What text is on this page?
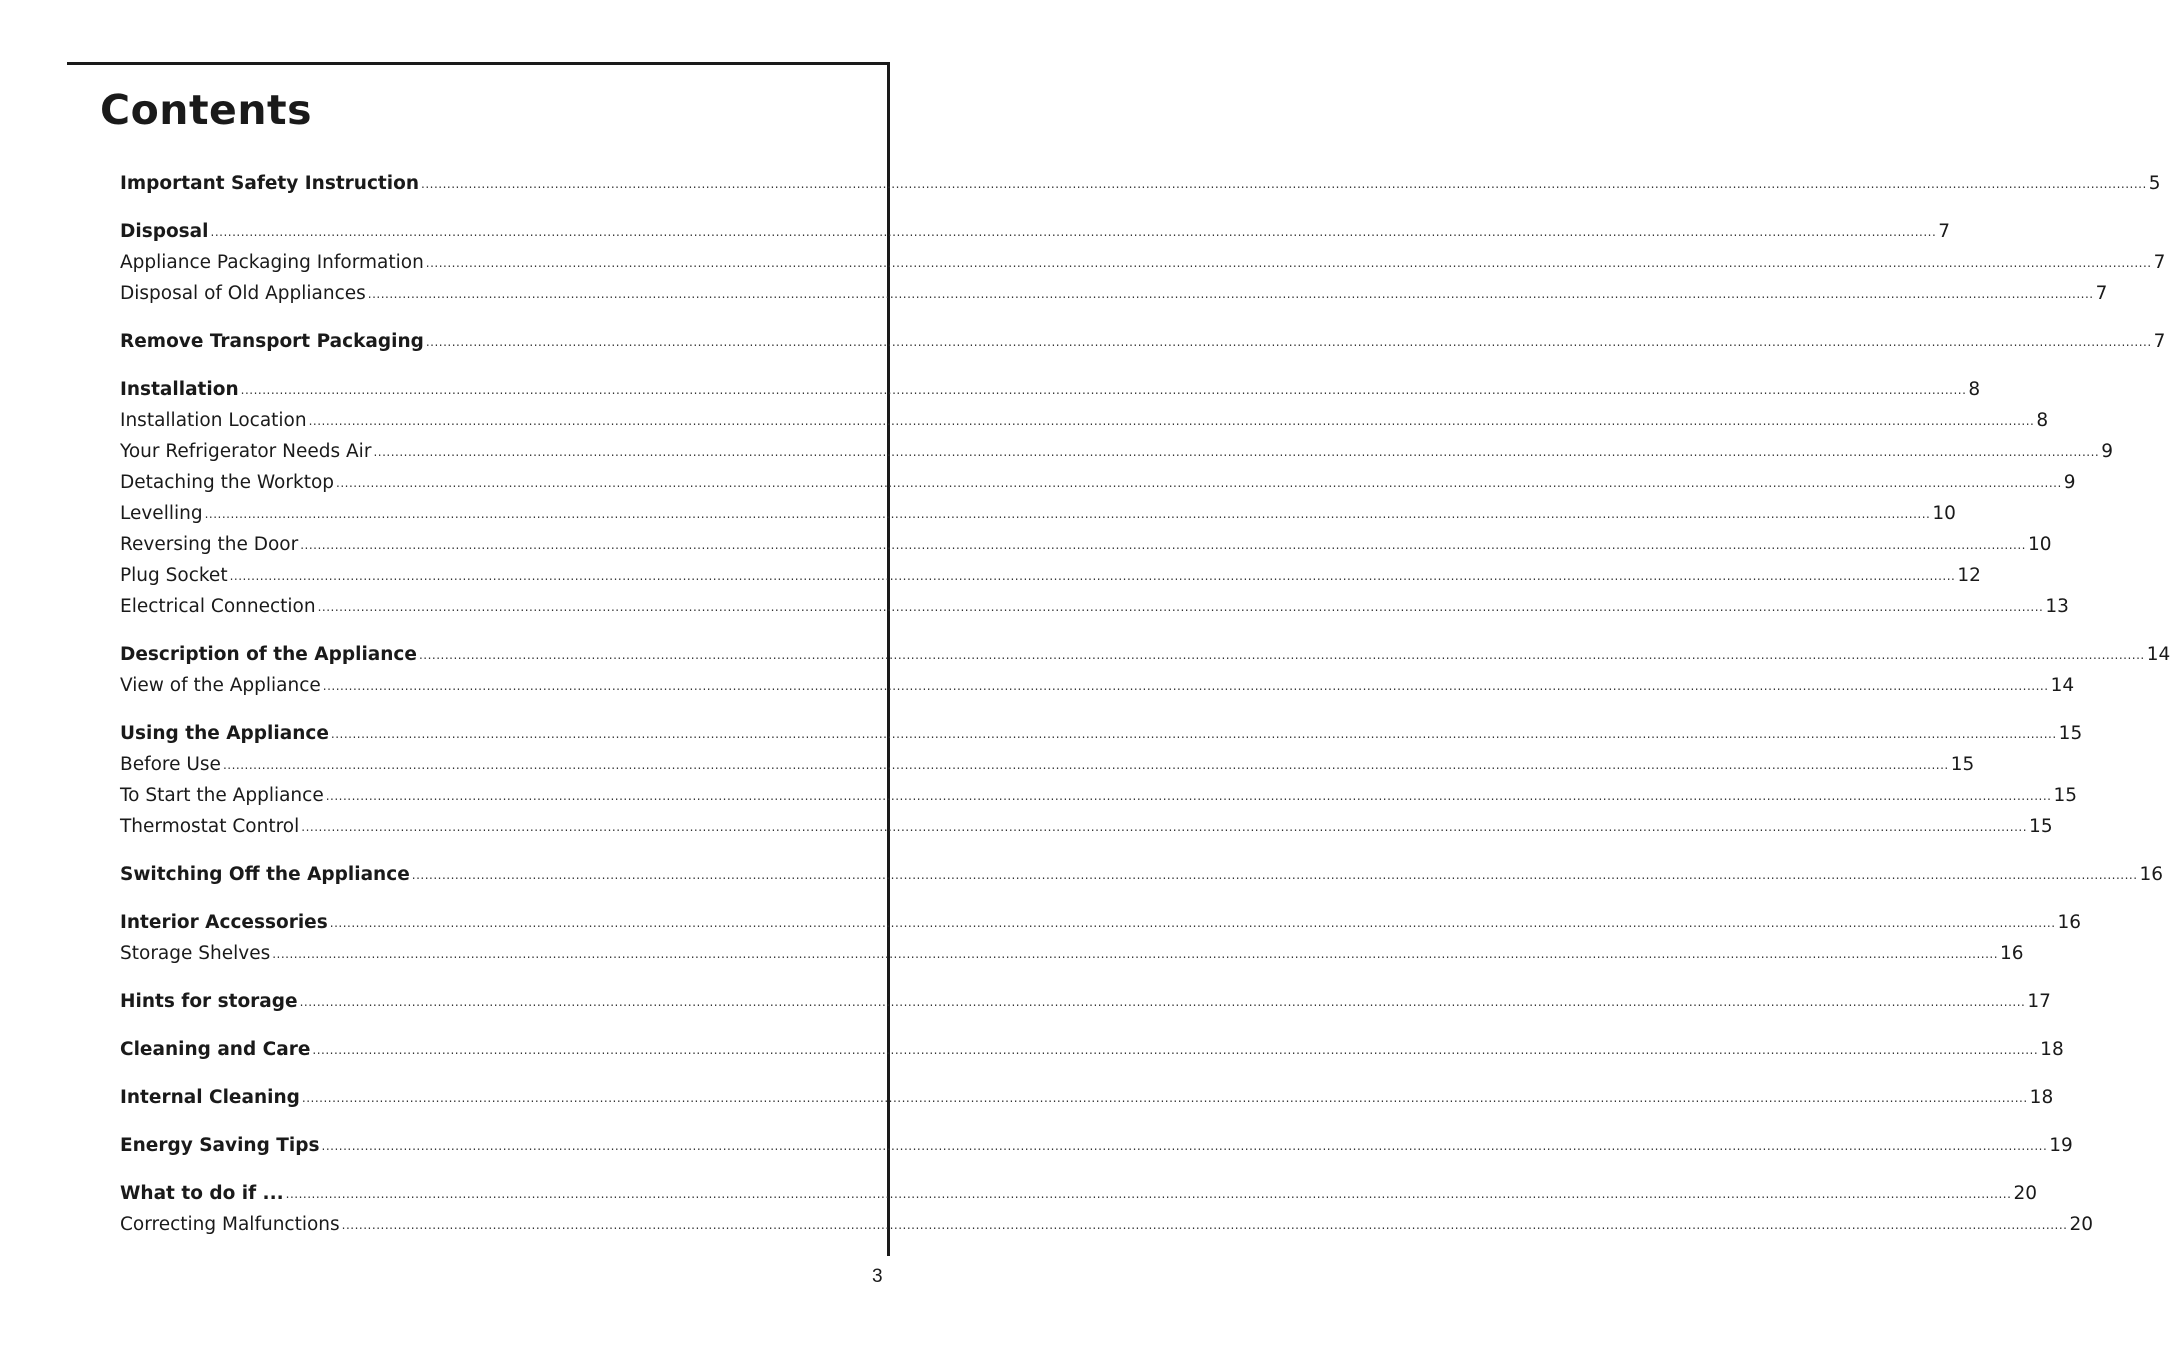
Contents
Important Safety Instruction ................................................................................................................................................................................................................................................................................................................................................................................................................ 5
Disposal ................................................................................................................................................................................................................................................................................................................................................................................................................ 7
Appliance Packaging Information ................................................................................................................................................................................................................................................................................................................................................................................................................ 7
Disposal of Old Appliances ................................................................................................................................................................................................................................................................................................................................................................................................................ 7
Remove Transport Packaging ................................................................................................................................................................................................................................................................................................................................................................................................................ 7
Installation ................................................................................................................................................................................................................................................................................................................................................................................................................ 8
Installation Location ................................................................................................................................................................................................................................................................................................................................................................................................................ 8
Your Refrigerator Needs Air ................................................................................................................................................................................................................................................................................................................................................................................................................ 9
Detaching the Worktop ................................................................................................................................................................................................................................................................................................................................................................................................................ 9
Levelling ................................................................................................................................................................................................................................................................................................................................................................................................................ 10
Reversing the Door ................................................................................................................................................................................................................................................................................................................................................................................................................ 10
Plug Socket ................................................................................................................................................................................................................................................................................................................................................................................................................ 12
Electrical Connection ................................................................................................................................................................................................................................................................................................................................................................................................................ 13
Description of the Appliance ................................................................................................................................................................................................................................................................................................................................................................................................................ 14
View of the Appliance ................................................................................................................................................................................................................................................................................................................................................................................................................ 14
Using the Appliance ................................................................................................................................................................................................................................................................................................................................................................................................................ 15
Before Use ................................................................................................................................................................................................................................................................................................................................................................................................................ 15
To Start the Appliance ................................................................................................................................................................................................................................................................................................................................................................................................................ 15
Thermostat Control ................................................................................................................................................................................................................................................................................................................................................................................................................ 15
Switching Off the Appliance ................................................................................................................................................................................................................................................................................................................................................................................................................ 16
Interior Accessories ................................................................................................................................................................................................................................................................................................................................................................................................................ 16
Storage Shelves ................................................................................................................................................................................................................................................................................................................................................................................................................ 16
Hints for storage ................................................................................................................................................................................................................................................................................................................................................................................................................ 17
Cleaning and Care ................................................................................................................................................................................................................................................................................................................................................................................................................ 18
Internal Cleaning ................................................................................................................................................................................................................................................................................................................................................................................................................ 18
Energy Saving Tips ................................................................................................................................................................................................................................................................................................................................................................................................................ 19
What to do if ... ................................................................................................................................................................................................................................................................................................................................................................................................................ 20
Correcting Malfunctions ................................................................................................................................................................................................................................................................................................................................................................................................................ 20
3
